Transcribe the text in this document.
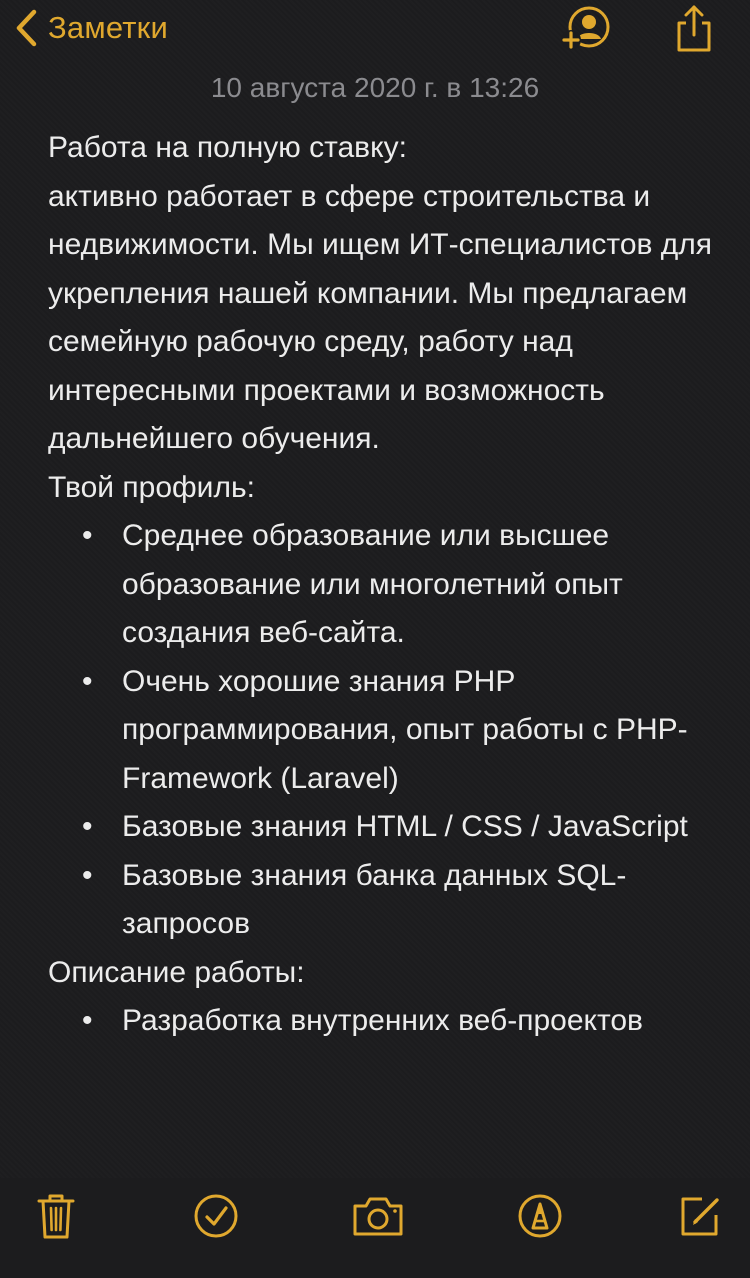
Заметки
10 августа 2020 г. в 13:26

Работа на полную ставку:

активно работает в сфере строительства и недвижимости. Мы ищем ИТ-специалистов для укрепления нашей компании. Мы предлагаем семейную рабочую среду, работу над интересными проектами и возможность дальнейшего обучения.

Твой профиль:

• Среднее образование или высшее образование или многолетний опыт создания веб-сайта.
• Очень хорошие знания PHP программирования, опыт работы с PHP-Framework (Laravel)
• Базовые знания HTML / CSS / JavaScript
• Базовые знания банка данных SQL-запросов

Описание работы:

• Разработка внутренних веб-проектов
